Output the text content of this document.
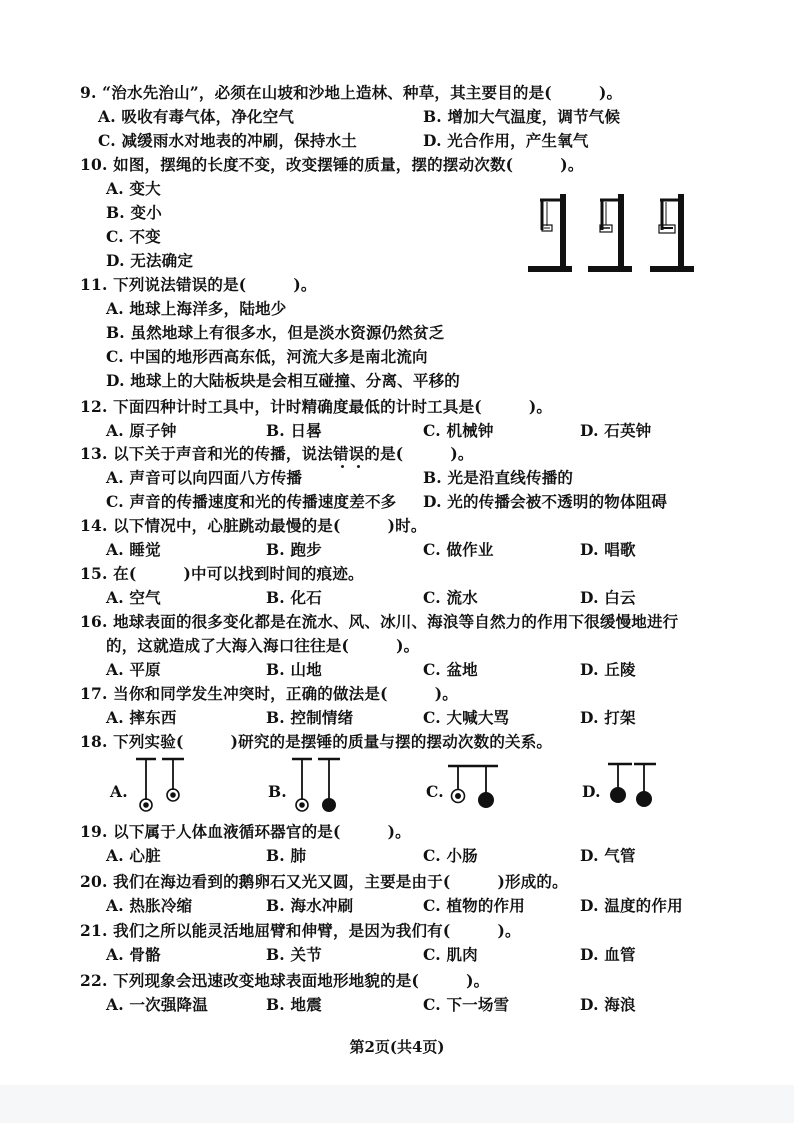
9. “治水先治山”，必须在山坡和沙地上造林、种草，其主要目的是(　　　)。
A. 吸收有毒气体，净化空气	B. 增加大气温度，调节气候
C. 减缓雨水对地表的冲刷，保持水土	D. 光合作用，产生氧气
10. 如图，摆绳的长度不变，改变摆锤的质量，摆的摆动次数(　　　)。
A. 变大
B. 变小
C. 不变
D. 无法确定
11. 下列说法错误的是(　　　)。
A. 地球上海洋多，陆地少
B. 虽然地球上有很多水，但是淡水资源仍然贫乏
C. 中国的地形西高东低，河流大多是南北流向
D. 地球上的大陆板块是会相互碰撞、分离、平移的
12. 下面四种计时工具中，计时精确度最低的计时工具是(　　　)。
A. 原子钟	B. 日晷	C. 机械钟	D. 石英钟
13. 以下关于声音和光的传播，说法错误的是(　　　)。
A. 声音可以向四面八方传播	B. 光是沿直线传播的
C. 声音的传播速度和光的传播速度差不多 D. 光的传播会被不透明的物体阻碍
14. 以下情况中，心脏跳动最慢的是(　　　)时。
A. 睡觉	B. 跑步	C. 做作业	D. 唱歌
15. 在(　　　)中可以找到时间的痕迹。
A. 空气	B. 化石	C. 流水	D. 白云
16. 地球表面的很多变化都是在流水、风、冰川、海浪等自然力的作用下很缓慢地进行
的，这就造成了大海入海口往往是(　　　)。
A. 平原	B. 山地	C. 盆地	D. 丘陵
17. 当你和同学发生冲突时，正确的做法是(　　　)。
A. 摔东西	B. 控制情绪	C. 大喊大骂	D. 打架
18. 下列实验(　　　)研究的是摆锤的质量与摆的摆动次数的关系。
A.	B.	C.	D.
19. 以下属于人体血液循环器官的是(　　　)。
A. 心脏	B. 肺	C. 小肠	D. 气管
20. 我们在海边看到的鹅卵石又光又圆，主要是由于(　　　)形成的。
A. 热胀冷缩	B. 海水冲刷	C. 植物的作用	D. 温度的作用
21. 我们之所以能灵活地屈臂和伸臂，是因为我们有(　　　)。
A. 骨骼	B. 关节	C. 肌肉	D. 血管
22. 下列现象会迅速改变地球表面地形地貌的是(　　　)。
A. 一次强降温	B. 地震	C. 下一场雪	D. 海浪
第2页(共4页)
